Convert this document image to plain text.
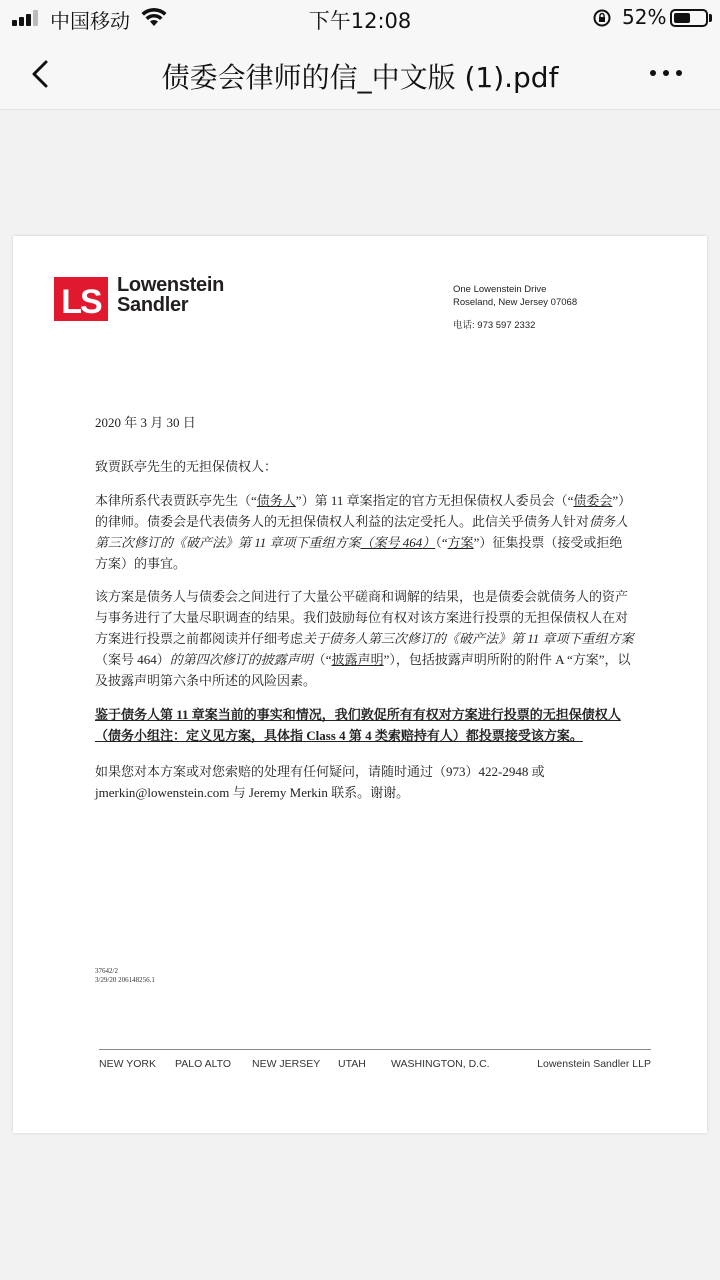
中国移动	下午12:08	52%
债委会律师的信_中文版 (1).pdf
LS Lowenstein
Sandler
One Lowenstein Drive
Roseland, New Jersey 07068
电话: 973 597 2332
2020 年 3 月 30 日
致贾跃亭先生的无担保债权人：
本律所系代表贾跃亭先生（“债务人”）第 11 章案指定的官方无担保债权人委员会（“债委会”）的律师。债委会是代表债务人的无担保债权人利益的法定受托人。此信关乎债务人针对债务人第三次修订的《破产法》第 11 章项下重组方案（案号 464）（“方案”）征集投票（接受或拒绝方案）的事宜。
该方案是债务人与债委会之间进行了大量公平磋商和调解的结果，也是债委会就债务人的资产与事务进行了大量尽职调查的结果。我们鼓励每位有权对该方案进行投票的无担保债权人在对方案进行投票之前都阅读并仔细考虑关于债务人第三次修订的《破产法》第 11 章项下重组方案（案号 464）的第四次修订的披露声明（“披露声明”），包括披露声明所附的附件 A “方案”，以及披露声明第六条中所述的风险因素。
鉴于债务人第 11 章案当前的事实和情况，我们敦促所有有权对方案进行投票的无担保债权人（债务小组注：定义见方案，具体指 Class 4 第 4 类索赔持有人）都投票接受该方案。
如果您对本方案或对您索赔的处理有任何疑问，请随时通过（973）422-2948 或 jmerkin@lowenstein.com 与 Jeremy Merkin 联系。谢谢。
37642/2
3/29/20 206148256.1
NEW YORK PALO ALTO NEW JERSEY UTAH WASHINGTON, D.C.	Lowenstein Sandler LLP
